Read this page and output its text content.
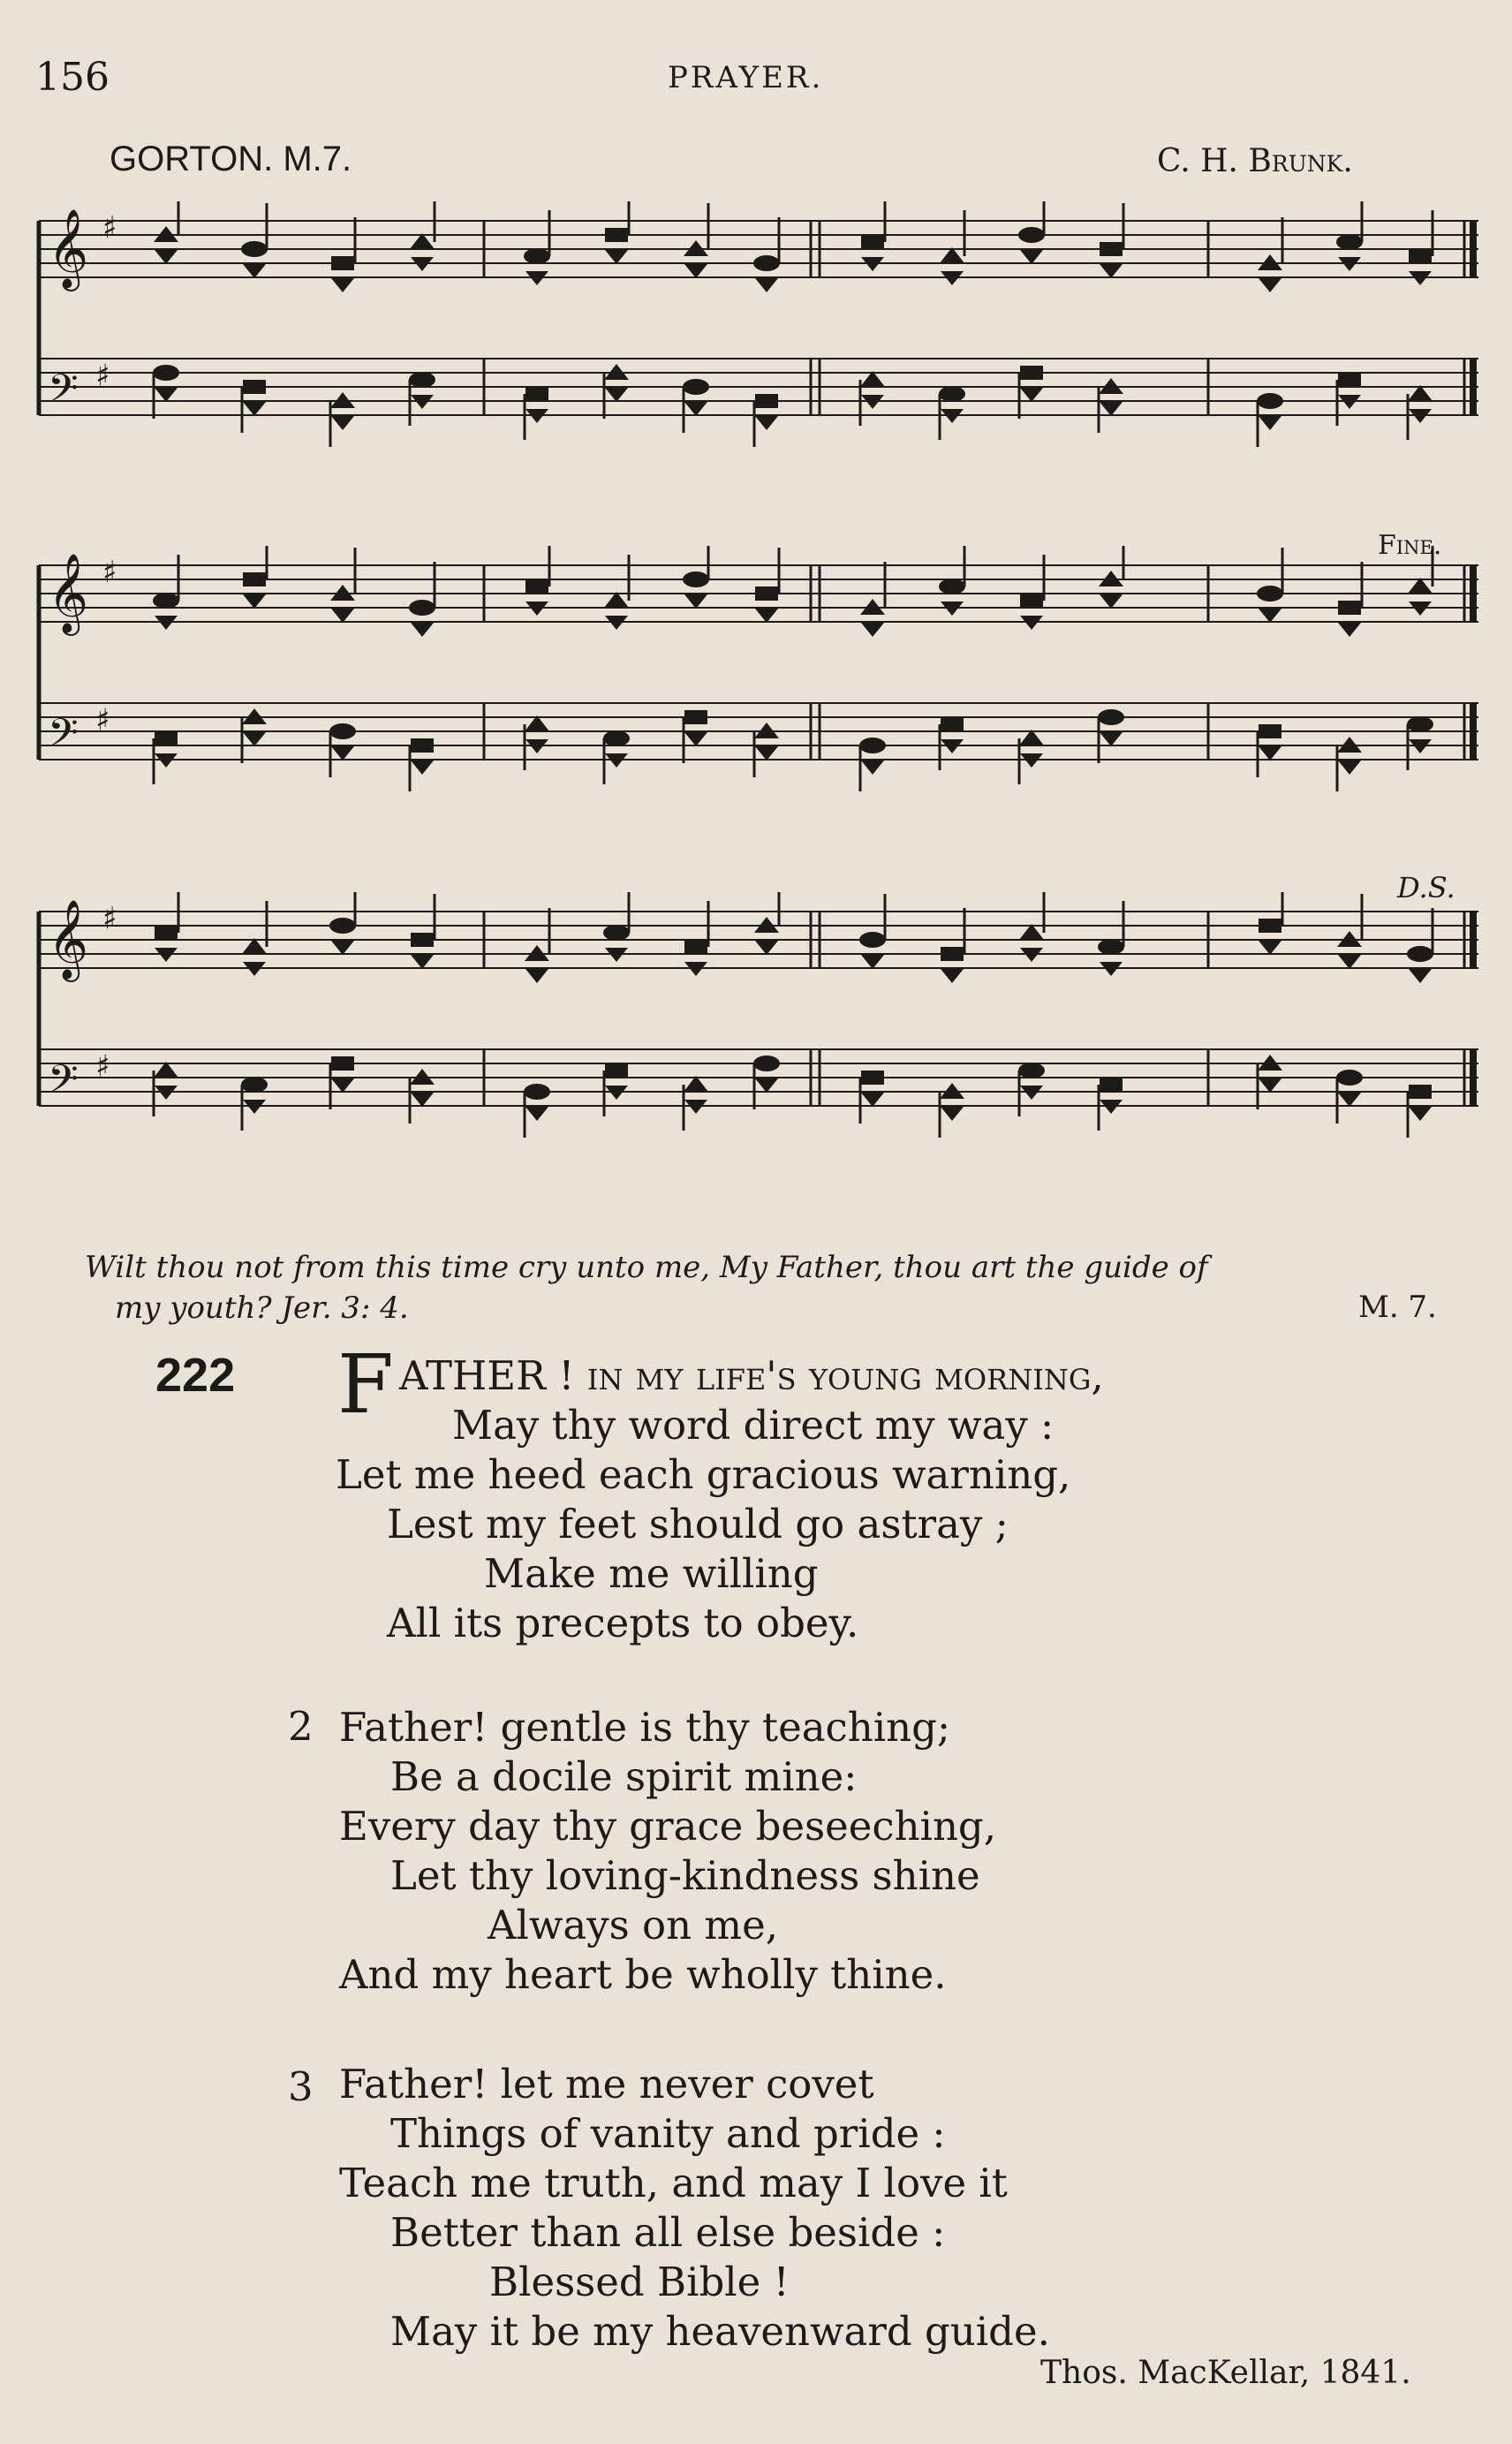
156	PRAYER.
GORTON. M.7.	C. H. Brunk.
Fine.
D.S.
𝄞 ♯
𝄢 ♯
𝄞 ♯
𝄢 ♯
𝄞 ♯
𝄢 ♯
Wilt thou not from this time cry unto me, My Father, thou art the guide of
my youth? Jer. 3: 4.	M. 7.
222 F ATHER ! in my life's young morning,
May thy word direct my way :
Let me heed each gracious warning,
Lest my feet should go astray ;
Make me willing
All its precepts to obey.
2 Father! gentle is thy teaching;
Be a docile spirit mine:
Every day thy grace beseeching,
Let thy loving-kindness shine
Always on me,
And my heart be wholly thine.
3 Father! let me never covet
Things of vanity and pride :
Teach me truth, and may I love it
Better than all else beside :
Blessed Bible !
May it be my heavenward guide.
Thos. MacKellar, 1841.
